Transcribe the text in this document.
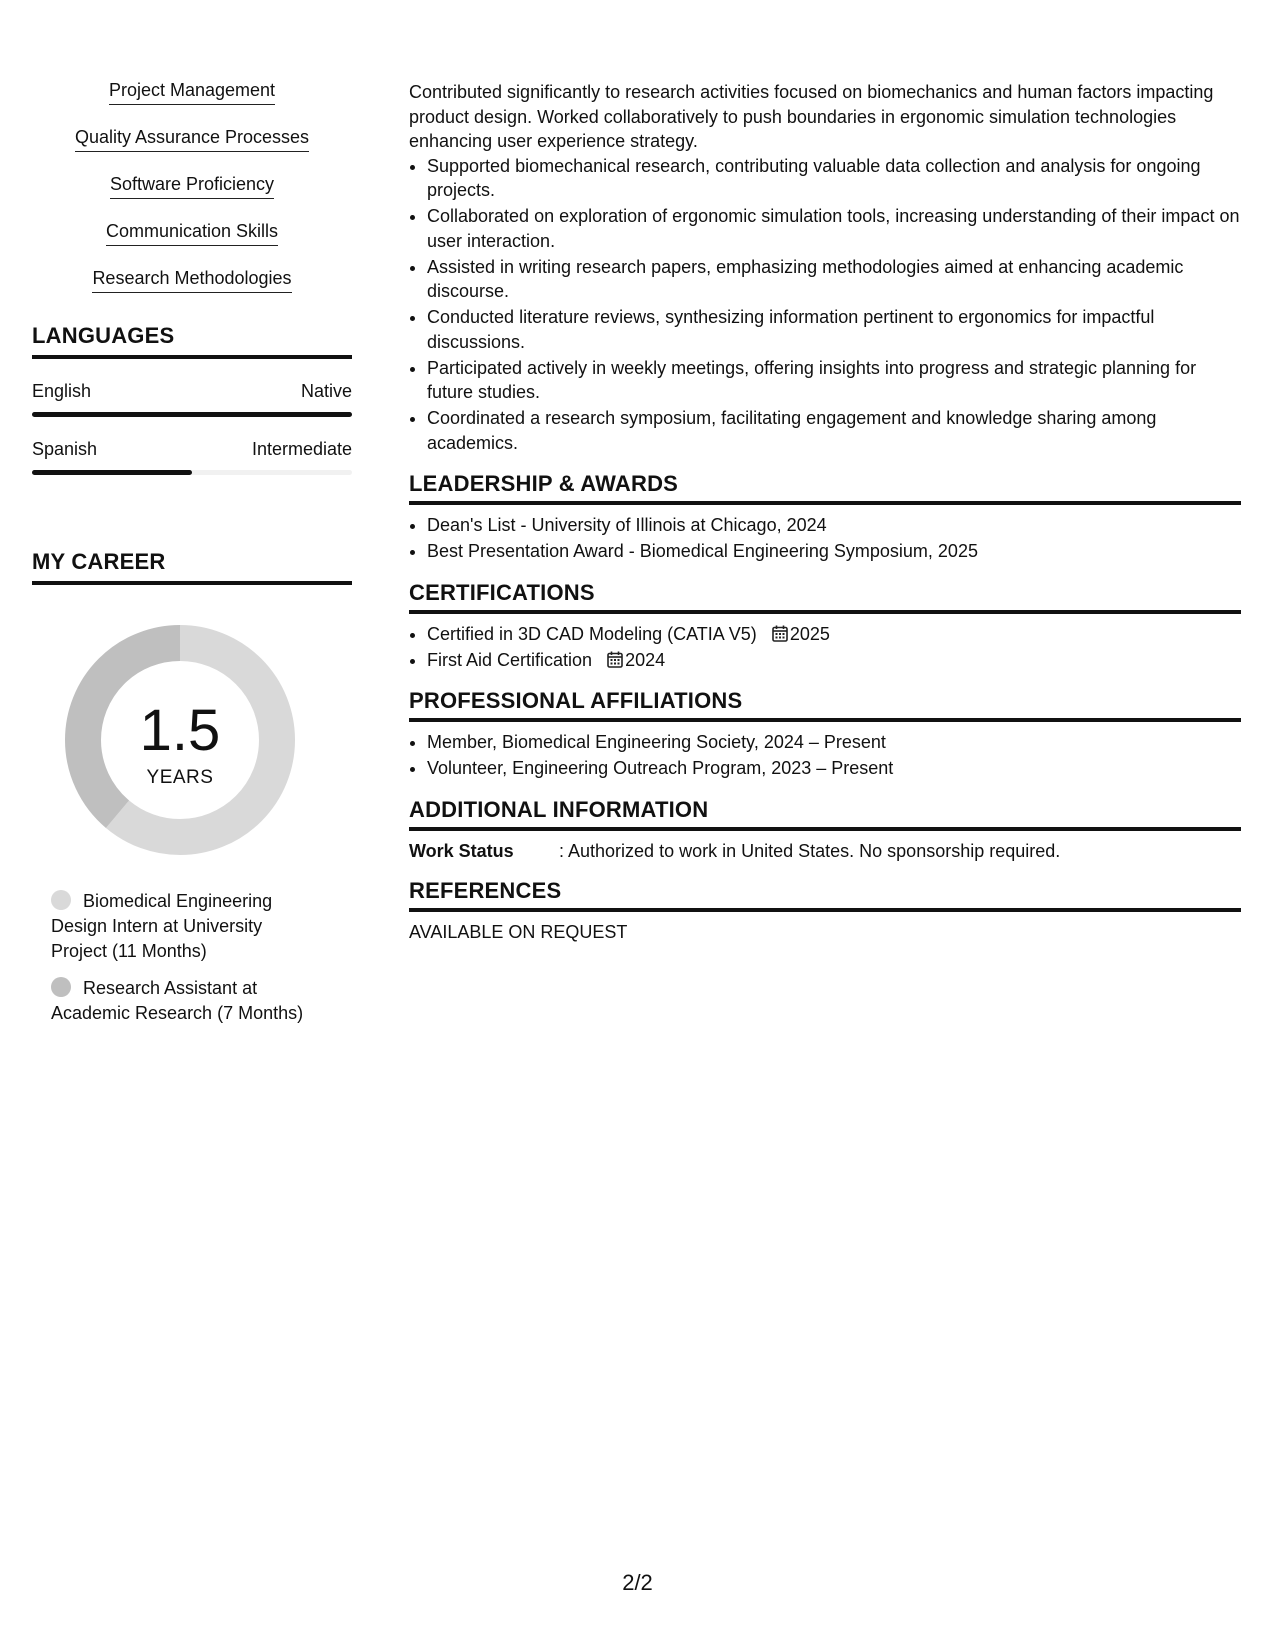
Project Management
Quality Assurance Processes
Software Proficiency
Communication Skills
Research Methodologies
LANGUAGES
English	Native
Spanish	Intermediate
MY CAREER
1.5
YEARS
Biomedical Engineering Design Intern at University Project (11 Months)
Research Assistant at Academic Research (7 Months)

Contributed significantly to research activities focused on biomechanics and human factors impacting product design. Worked collaboratively to push boundaries in ergonomic simulation technologies enhancing user experience strategy.

• Supported biomechanical research, contributing valuable data collection and analysis for ongoing projects.
• Collaborated on exploration of ergonomic simulation tools, increasing understanding of their impact on user interaction.
• Assisted in writing research papers, emphasizing methodologies aimed at enhancing academic discourse.
• Conducted literature reviews, synthesizing information pertinent to ergonomics for impactful discussions.
• Participated actively in weekly meetings, offering insights into progress and strategic planning for future studies.
• Coordinated a research symposium, facilitating engagement and knowledge sharing among academics.
LEADERSHIP & AWARDS
• Dean's List - University of Illinois at Chicago, 2024
• Best Presentation Award - Biomedical Engineering Symposium, 2025
CERTIFICATIONS
• Certified in 3D CAD Modeling (CATIA V5) 2025
• First Aid Certification 2024
PROFESSIONAL AFFILIATIONS
• Member, Biomedical Engineering Society, 2024 – Present
• Volunteer, Engineering Outreach Program, 2023 – Present
ADDITIONAL INFORMATION
Work Status	: Authorized to work in United States. No sponsorship required.
REFERENCES
AVAILABLE ON REQUEST
2/2
